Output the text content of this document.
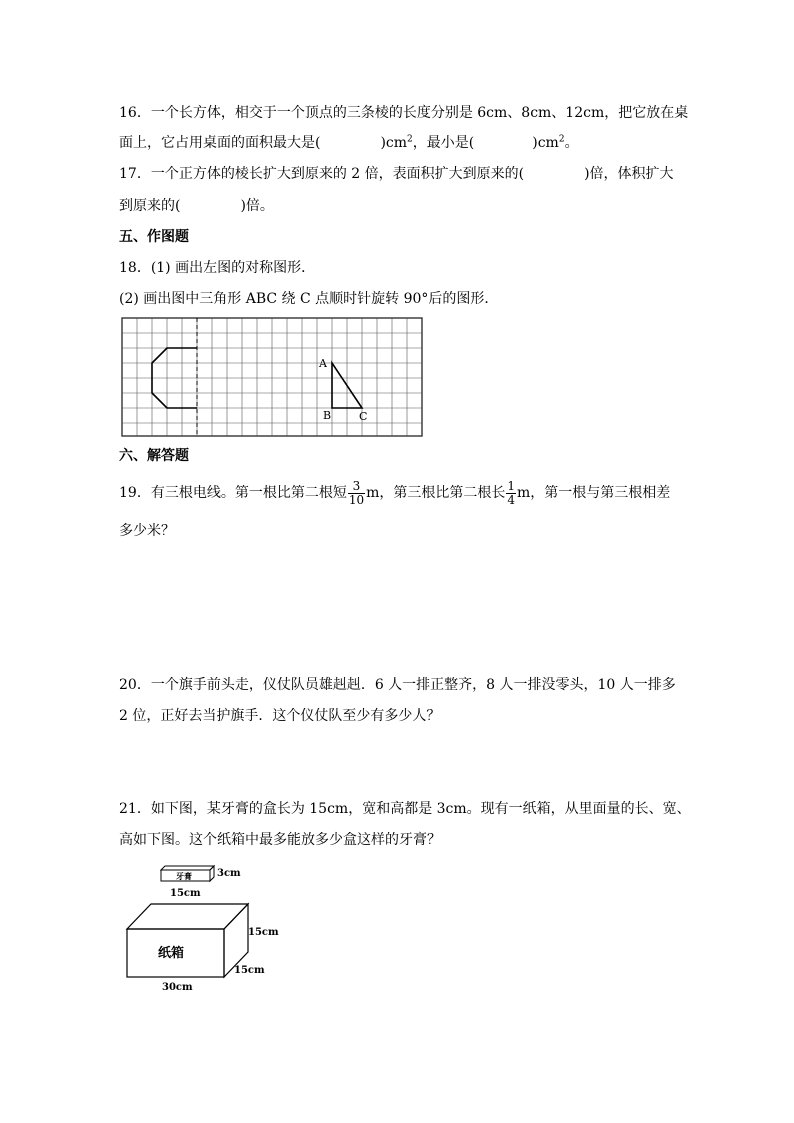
16．一个长方体，相交于一个顶点的三条棱的长度分别是 6cm、8cm、12cm，把它放在桌
面上，它占用桌面的面积最大是(	)$cm^2$，最小是(	)$cm^2$。
17．一个正方体的棱长扩大到原来的 2 倍，表面积扩大到原来的(	)倍，体积扩大
到原来的(	)倍。
五、作图题
18．(1) 画出左图的对称图形．
(2) 画出图中三角形 ABC 绕 C 点顺时针旋转 90°后的图形．
A
B	C
六、解答题
19．有三根电线。第一根比第二根短 $\frac{3}{10}$ m，第三根比第二根长 $\frac{1}{4}$ m，第一根与第三根相差
多少米？
20．一个旗手前头走，仪仗队员雄赳赳．6 人一排正整齐，8 人一排没零头，10 人一排多
2 位，正好去当护旗手．这个仪仗队至少有多少人？
21．如下图，某牙膏的盒长为 15cm，宽和高都是 3cm。现有一纸箱，从里面量的长、宽、
高如下图。这个纸箱中最多能放多少盒这样的牙膏？
牙膏	3cm
15cm
纸箱
15cm
15cm
30cm
